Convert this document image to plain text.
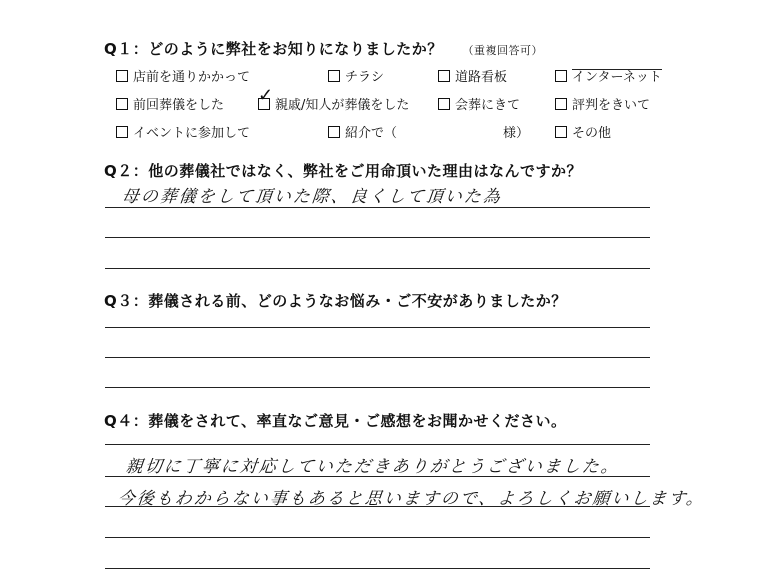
Q１：どのように弊社をお知りになりましたか？ （重複回答可）
店前を通りかかって	チラシ	道路看板	インターネット
前回葬儀をした
✓	親戚/知人が葬儀をした	会葬にきて	評判をきいて
イベントに参加して	紹介で（	様）	その他
Q２：他の葬儀社ではなく、弊社をご用命頂いた理由はなんですか？
母の葬儀をして頂いた際、良くして頂いた為
Q３：葬儀される前、どのようなお悩み・ご不安がありましたか？
Q４：葬儀をされて、率直なご意見・ご感想をお聞かせください。
親切に丁寧に対応していただきありがとうございました。
今後もわからない事もあると思いますので、よろしくお願いします。
